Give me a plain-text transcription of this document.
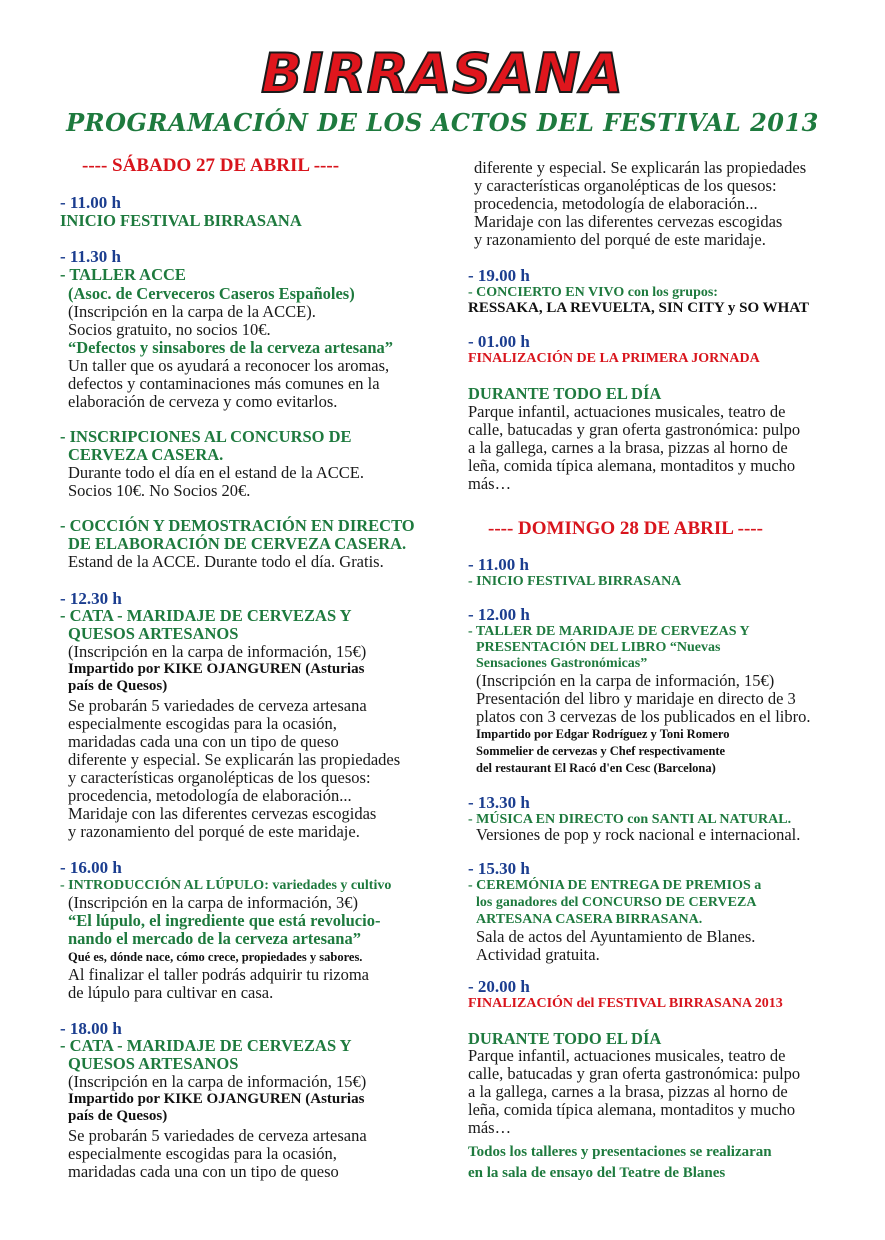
BIRRASANA
PROGRAMACIÓN DE LOS ACTOS DEL FESTIVAL 2013
---- SÁBADO 27 DE ABRIL ----
- 11.00 h
INICIO FESTIVAL BIRRASANA
- 11.30 h
- TALLER ACCE
(Asoc. de Cerveceros Caseros Españoles)
(Inscripción en la carpa de la ACCE).
Socios gratuito, no socios 10€.
“Defectos y sinsabores de la cerveza artesana”
Un taller que os ayudará a reconocer los aromas,
defectos y contaminaciones más comunes en la
elaboración de cerveza y como evitarlos.
- INSCRIPCIONES AL CONCURSO DE
CERVEZA CASERA.
Durante todo el día en el estand de la ACCE.
Socios 10€. No Socios 20€.
- COCCIÓN Y DEMOSTRACIÓN EN DIRECTO
DE ELABORACIÓN DE CERVEZA CASERA.
Estand de la ACCE. Durante todo el día. Gratis.
- 12.30 h
- CATA - MARIDAJE DE CERVEZAS Y
QUESOS ARTESANOS
(Inscripción en la carpa de información, 15€)
Impartido por KIKE OJANGUREN (Asturias
país de Quesos)
Se probarán 5 variedades de cerveza artesana
especialmente escogidas para la ocasión,
maridadas cada una con un tipo de queso
diferente y especial. Se explicarán las propiedades
y características organolépticas de los quesos:
procedencia, metodología de elaboración...
Maridaje con las diferentes cervezas escogidas
y razonamiento del porqué de este maridaje.
- 16.00 h
- INTRODUCCIÓN AL LÚPULO: variedades y cultivo
(Inscripción en la carpa de información, 3€)
“El lúpulo, el ingrediente que está revolucio-
nando el mercado de la cerveza artesana”
Qué es, dónde nace, cómo crece, propiedades y sabores.
Al finalizar el taller podrás adquirir tu rizoma
de lúpulo para cultivar en casa.
- 18.00 h
- CATA - MARIDAJE DE CERVEZAS Y
QUESOS ARTESANOS
(Inscripción en la carpa de información, 15€)
Impartido por KIKE OJANGUREN (Asturias
país de Quesos)
Se probarán 5 variedades de cerveza artesana
especialmente escogidas para la ocasión,
maridadas cada una con un tipo de queso
diferente y especial. Se explicarán las propiedades
y características organolépticas de los quesos:
procedencia, metodología de elaboración...
Maridaje con las diferentes cervezas escogidas
y razonamiento del porqué de este maridaje.
- 19.00 h
- CONCIERTO EN VIVO con los grupos:
RESSAKA, LA REVUELTA, SIN CITY y SO WHAT
- 01.00 h
FINALIZACIÓN DE LA PRIMERA JORNADA
DURANTE TODO EL DÍA
Parque infantil, actuaciones musicales, teatro de
calle, batucadas y gran oferta gastronómica: pulpo
a la gallega, carnes a la brasa, pizzas al horno de
leña, comida típica alemana, montaditos y mucho
más…
---- DOMINGO 28 DE ABRIL ----
- 11.00 h
- INICIO FESTIVAL BIRRASANA
- 12.00 h
- TALLER DE MARIDAJE DE CERVEZAS Y
PRESENTACIÓN DEL LIBRO “Nuevas
Sensaciones Gastronómicas”
(Inscripción en la carpa de información, 15€)
Presentación del libro y maridaje en directo de 3
platos con 3 cervezas de los publicados en el libro.
Impartido por Edgar Rodríguez y Toni Romero
Sommelier de cervezas y Chef respectivamente
del restaurant El Racó d'en Cesc (Barcelona)
- 13.30 h
- MÚSICA EN DIRECTO con SANTI AL NATURAL.
Versiones de pop y rock nacional e internacional.
- 15.30 h
- CEREMÓNIA DE ENTREGA DE PREMIOS a
los ganadores del CONCURSO DE CERVEZA
ARTESANA CASERA BIRRASANA.
Sala de actos del Ayuntamiento de Blanes.
Actividad gratuita.
- 20.00 h
FINALIZACIÓN del FESTIVAL BIRRASANA 2013
DURANTE TODO EL DÍA
Parque infantil, actuaciones musicales, teatro de
calle, batucadas y gran oferta gastronómica: pulpo
a la gallega, carnes a la brasa, pizzas al horno de
leña, comida típica alemana, montaditos y mucho
más…
Todos los talleres y presentaciones se realizaran
en la sala de ensayo del Teatre de Blanes
